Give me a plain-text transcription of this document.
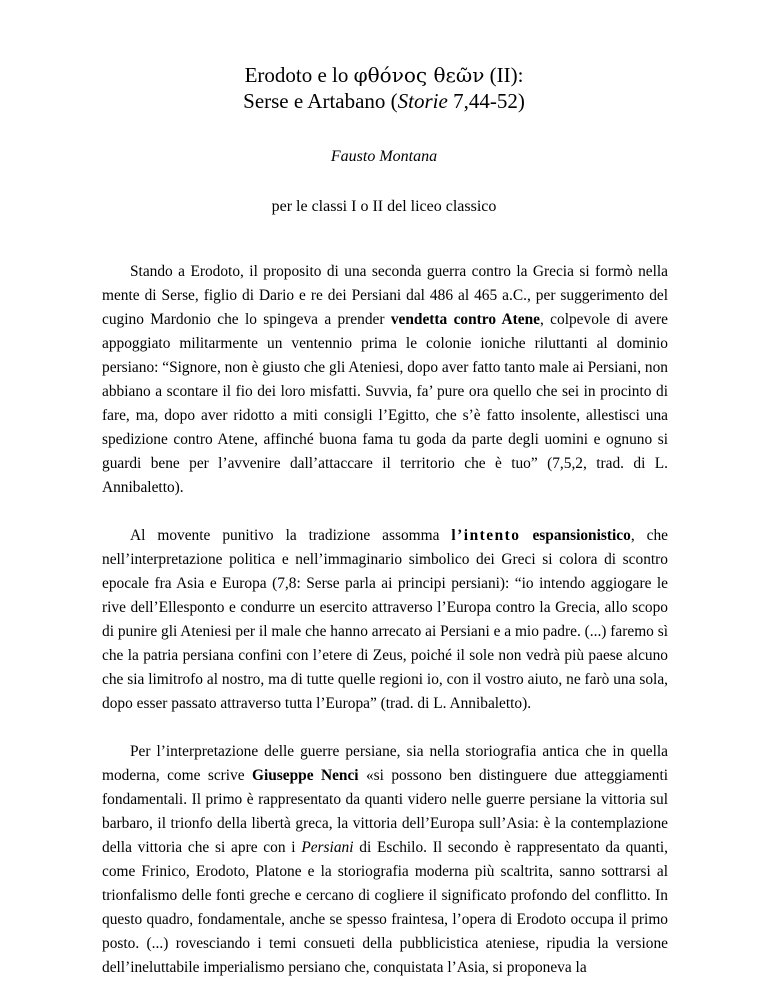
Erodoto e lo φθόνος θεῶν (II):
Serse e Artabano (Storie 7,44-52)
Fausto Montana
per le classi I o II del liceo classico

Stando a Erodoto, il proposito di una seconda guerra contro la Grecia si formò nella mente di Serse, figlio di Dario e re dei Persiani dal 486 al 465 a.C., per suggerimento del cugino Mardonio che lo spingeva a prender vendetta contro Atene, colpevole di avere appoggiato militarmente un ventennio prima le colonie ioniche riluttanti al dominio persiano: “Signore, non è giusto che gli Ateniesi, dopo aver fatto tanto male ai Persiani, non abbiano a scontare il fio dei loro misfatti. Suvvia, fa’ pure ora quello che sei in procinto di fare, ma, dopo aver ridotto a miti consigli l’Egitto, che s’è fatto insolente, allestisci una spedizione contro Atene, affinché buona fama tu goda da parte degli uomini e ognuno si guardi bene per l’avvenire dall’attaccare il territorio che è tuo” (7,5,2, trad. di L. Annibaletto).

Al movente punitivo la tradizione assomma l’intento espansionistico, che nell’interpretazione politica e nell’immaginario simbolico dei Greci si colora di scontro epocale fra Asia e Europa (7,8: Serse parla ai principi persiani): “io intendo aggiogare le rive dell’Ellesponto e condurre un esercito attraverso l’Europa contro la Grecia, allo scopo di punire gli Ateniesi per il male che hanno arrecato ai Persiani e a mio padre. (...) faremo sì che la patria persiana confini con l’etere di Zeus, poiché il sole non vedrà più paese alcuno che sia limitrofo al nostro, ma di tutte quelle regioni io, con il vostro aiuto, ne farò una sola, dopo esser passato attraverso tutta l’Europa” (trad. di L. Annibaletto).

Per l’interpretazione delle guerre persiane, sia nella storiografia antica che in quella moderna, come scrive Giuseppe Nenci «si possono ben distinguere due atteggiamenti fondamentali. Il primo è rappresentato da quanti videro nelle guerre persiane la vittoria sul barbaro, il trionfo della libertà greca, la vittoria dell’Europa sull’Asia: è la contemplazione della vittoria che si apre con i Persiani di Eschilo. Il secondo è rappresentato da quanti, come Frinico, Erodoto, Platone e la storiografia moderna più scaltrita, sanno sottrarsi al trionfalismo delle fonti greche e cercano di cogliere il significato profondo del conflitto. In questo quadro, fondamentale, anche se spesso fraintesa, l’opera di Erodoto occupa il primo posto. (...) rovesciando i temi consueti della pubblicistica ateniese, ripudia la versione dell’ineluttabile imperialismo persiano che, conquistata l’Asia, si proponeva la
